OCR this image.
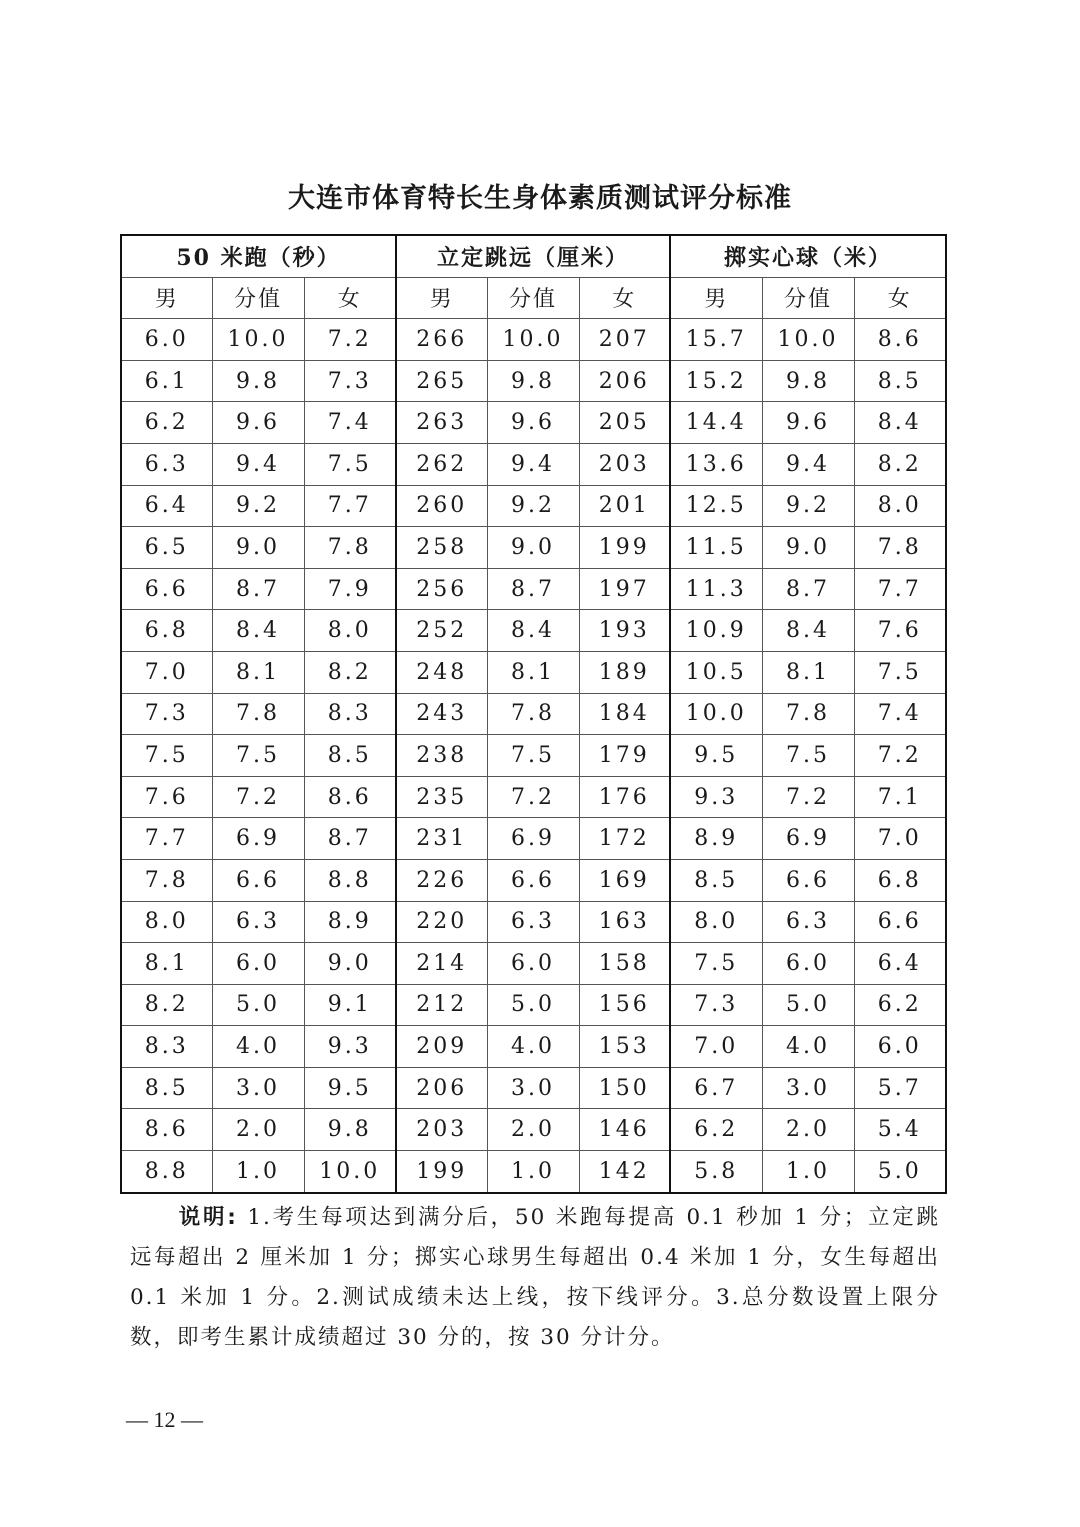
大连市体育特长生身体素质测试评分标准
50 米跑（秒）			立定跳远（厘米）			掷实心球（米）		
男	分值	女	男	分值	女	男	分值	女
6.0	10.0	7.2	266	10.0	207	15.7	10.0	8.6
6.1	9.8	7.3	265	9.8	206	15.2	9.8	8.5
6.2	9.6	7.4	263	9.6	205	14.4	9.6	8.4
6.3	9.4	7.5	262	9.4	203	13.6	9.4	8.2
6.4	9.2	7.7	260	9.2	201	12.5	9.2	8.0
6.5	9.0	7.8	258	9.0	199	11.5	9.0	7.8
6.6	8.7	7.9	256	8.7	197	11.3	8.7	7.7
6.8	8.4	8.0	252	8.4	193	10.9	8.4	7.6
7.0	8.1	8.2	248	8.1	189	10.5	8.1	7.5
7.3	7.8	8.3	243	7.8	184	10.0	7.8	7.4
7.5	7.5	8.5	238	7.5	179	9.5	7.5	7.2
7.6	7.2	8.6	235	7.2	176	9.3	7.2	7.1
7.7	6.9	8.7	231	6.9	172	8.9	6.9	7.0
7.8	6.6	8.8	226	6.6	169	8.5	6.6	6.8
8.0	6.3	8.9	220	6.3	163	8.0	6.3	6.6
8.1	6.0	9.0	214	6.0	158	7.5	6.0	6.4
8.2	5.0	9.1	212	5.0	156	7.3	5.0	6.2
8.3	4.0	9.3	209	4.0	153	7.0	4.0	6.0
8.5	3.0	9.5	206	3.0	150	6.7	3.0	5.7
8.6	2.0	9.8	203	2.0	146	6.2	2.0	5.4
8.8	1.0	10.0	199	1.0	142	5.8	1.0	5.0
说明: 1.考生每项达到满分后，50 米跑每提高 0.1 秒加 1 分；立定跳远每超出 2 厘米加 1 分；掷实心球男生每超出 0.4 米加 1 分，女生每超出 0.1 米加 1 分。2.测试成绩未达上线，按下线评分。3.总分数设置上限分数，即考生累计成绩超过 30 分的，按 30 分计分。
— 12 —
